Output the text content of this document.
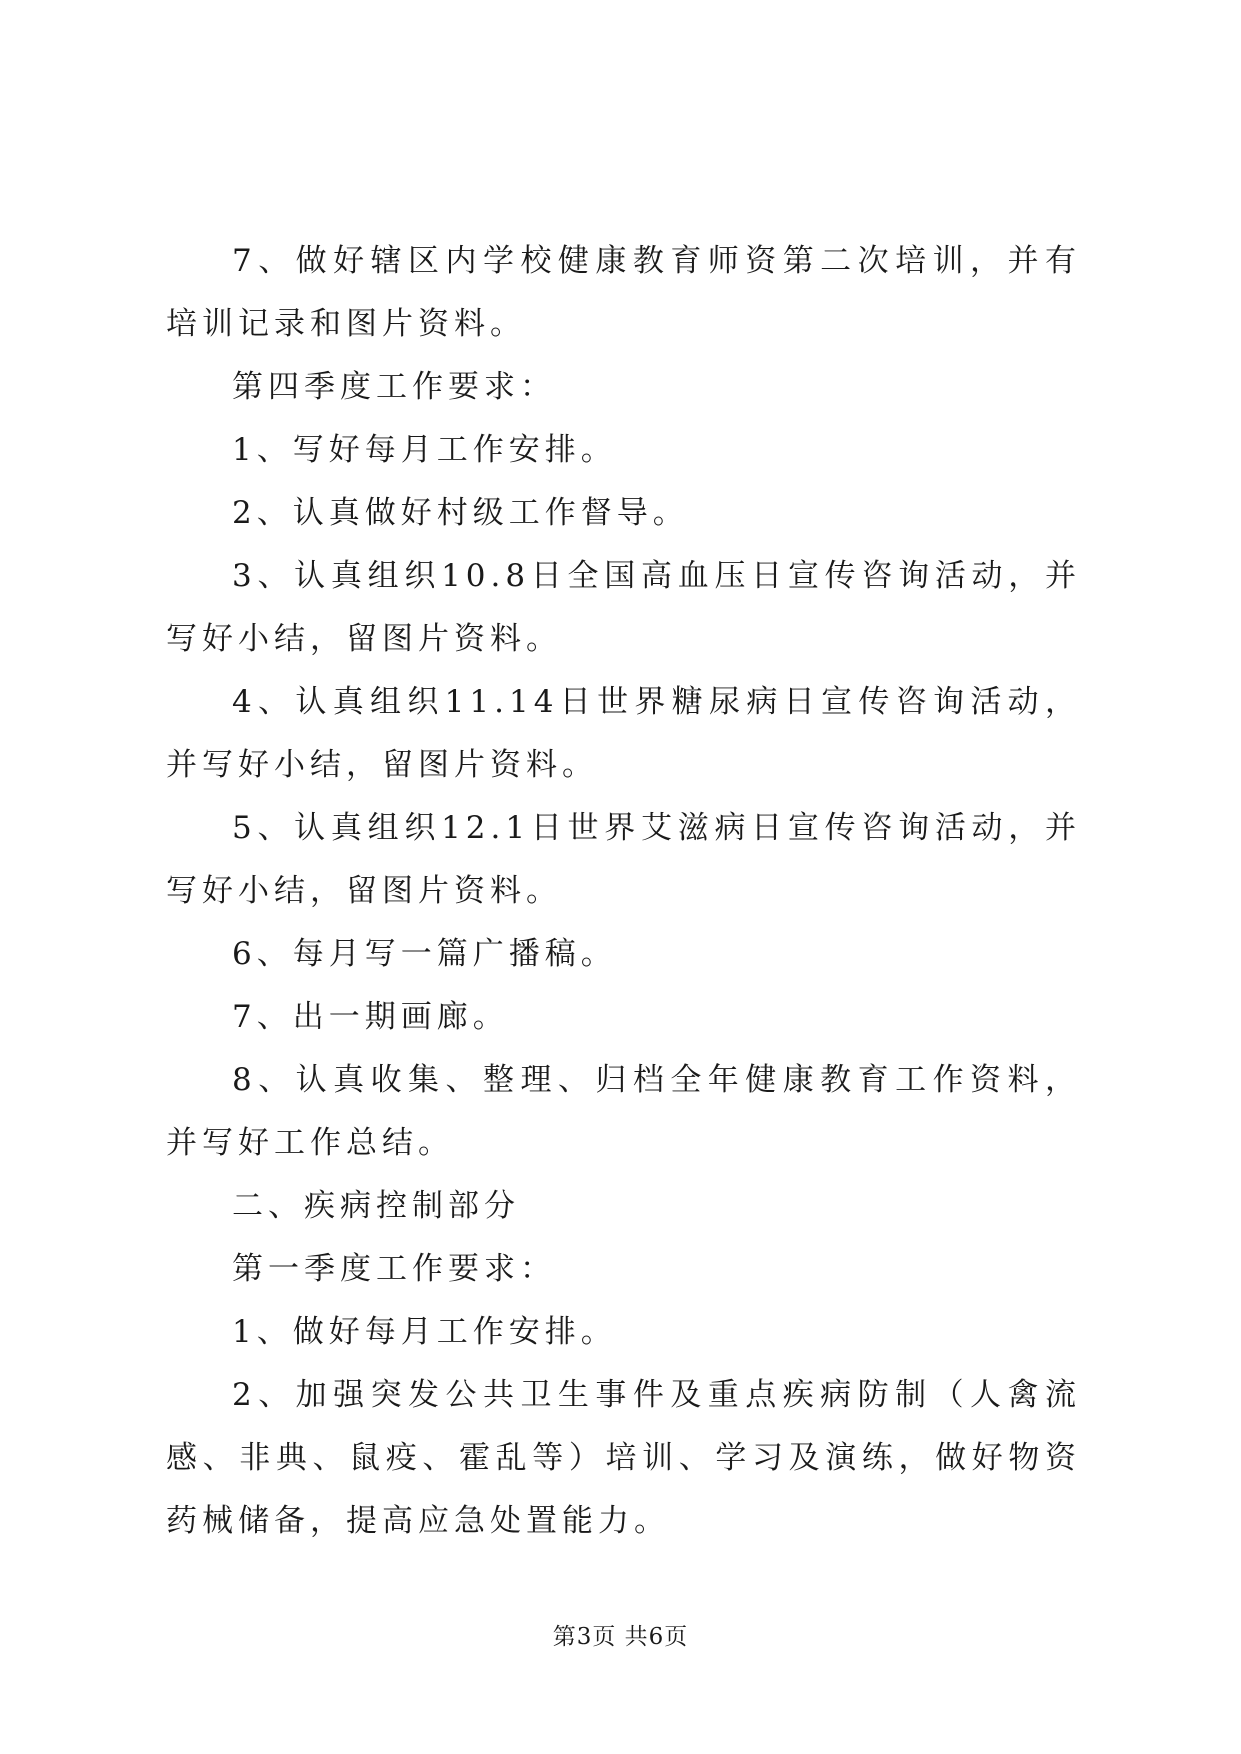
7、做好辖区内学校健康教育师资第二次培训，并有培训记录和图片资料。

第四季度工作要求：

1、写好每月工作安排。

2、认真做好村级工作督导。

3、认真组织10.8日全国高血压日宣传咨询活动，并写好小结，留图片资料。

4、认真组织11.14日世界糖尿病日宣传咨询活动，并写好小结，留图片资料。

5、认真组织12.1日世界艾滋病日宣传咨询活动，并写好小结，留图片资料。

6、每月写一篇广播稿。

7、出一期画廊。

8、认真收集、整理、归档全年健康教育工作资料，并写好工作总结。

二、疾病控制部分

第一季度工作要求：

1、做好每月工作安排。

2、加强突发公共卫生事件及重点疾病防制（人禽流感、非典、鼠疫、霍乱等）培训、学习及演练，做好物资药械储备，提高应急处置能力。

第3页 共6页
